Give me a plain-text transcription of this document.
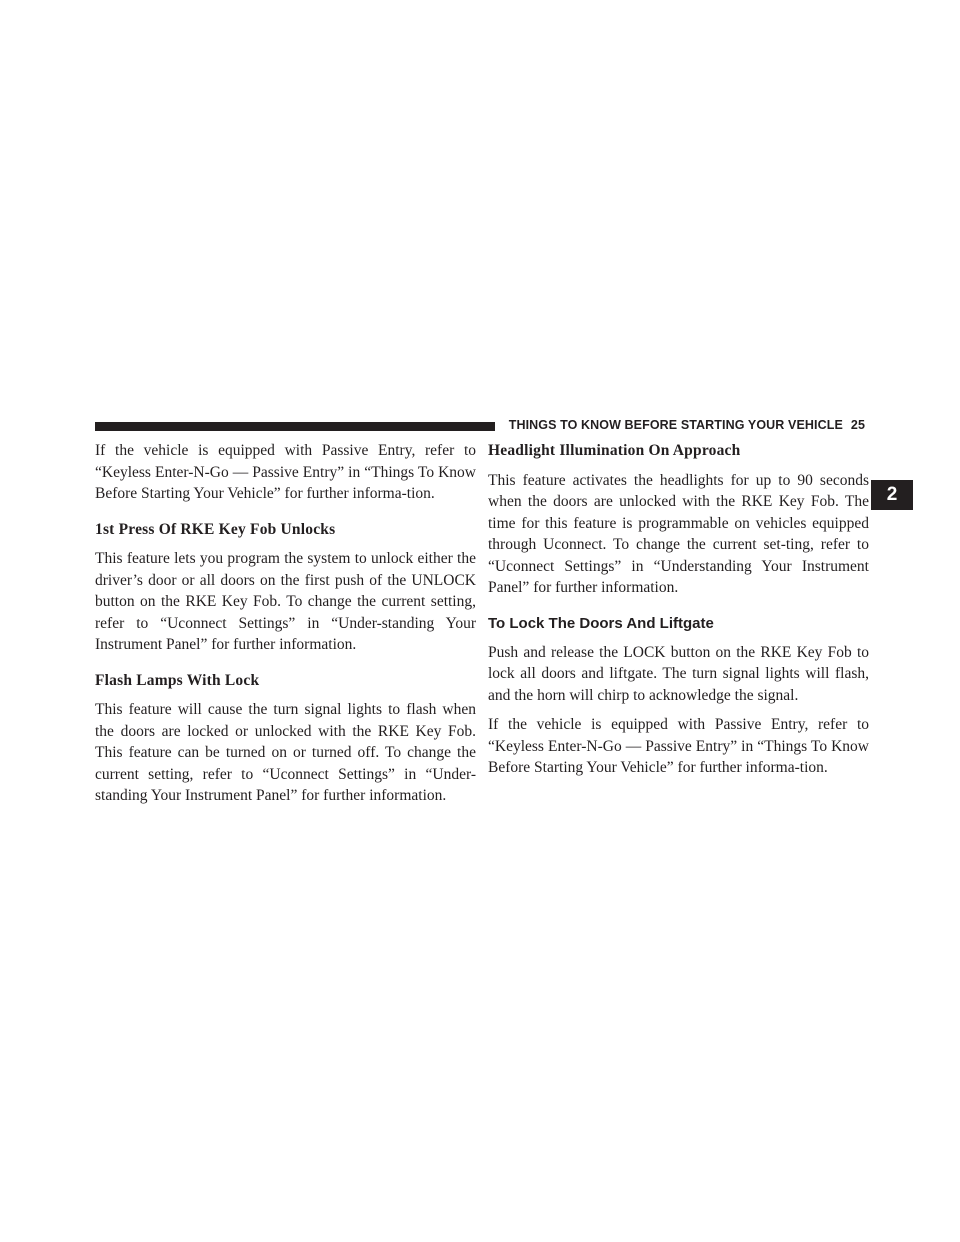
THINGS TO KNOW BEFORE STARTING YOUR VEHICLE 25
2

If the vehicle is equipped with Passive Entry, refer to “Keyless Enter-N-Go — Passive Entry” in “Things To Know Before Starting Your Vehicle” for further informa-tion.

1st Press Of RKE Key Fob Unlocks

This feature lets you program the system to unlock either the driver’s door or all doors on the first push of the UNLOCK button on the RKE Key Fob. To change the current setting, refer to “Uconnect Settings” in “Under-standing Your Instrument Panel” for further information.

Flash Lamps With Lock

This feature will cause the turn signal lights to flash when the doors are locked or unlocked with the RKE Key Fob. This feature can be turned on or turned off. To change the current setting, refer to “Uconnect Settings” in “Under-standing Your Instrument Panel” for further information.

Headlight Illumination On Approach

This feature activates the headlights for up to 90 seconds when the doors are unlocked with the RKE Key Fob. The time for this feature is programmable on vehicles equipped through Uconnect. To change the current set-ting, refer to “Uconnect Settings” in “Understanding Your Instrument Panel” for further information.

To Lock The Doors And Liftgate

Push and release the LOCK button on the RKE Key Fob to lock all doors and liftgate. The turn signal lights will flash, and the horn will chirp to acknowledge the signal.

If the vehicle is equipped with Passive Entry, refer to “Keyless Enter-N-Go — Passive Entry” in “Things To Know Before Starting Your Vehicle” for further informa-tion.
